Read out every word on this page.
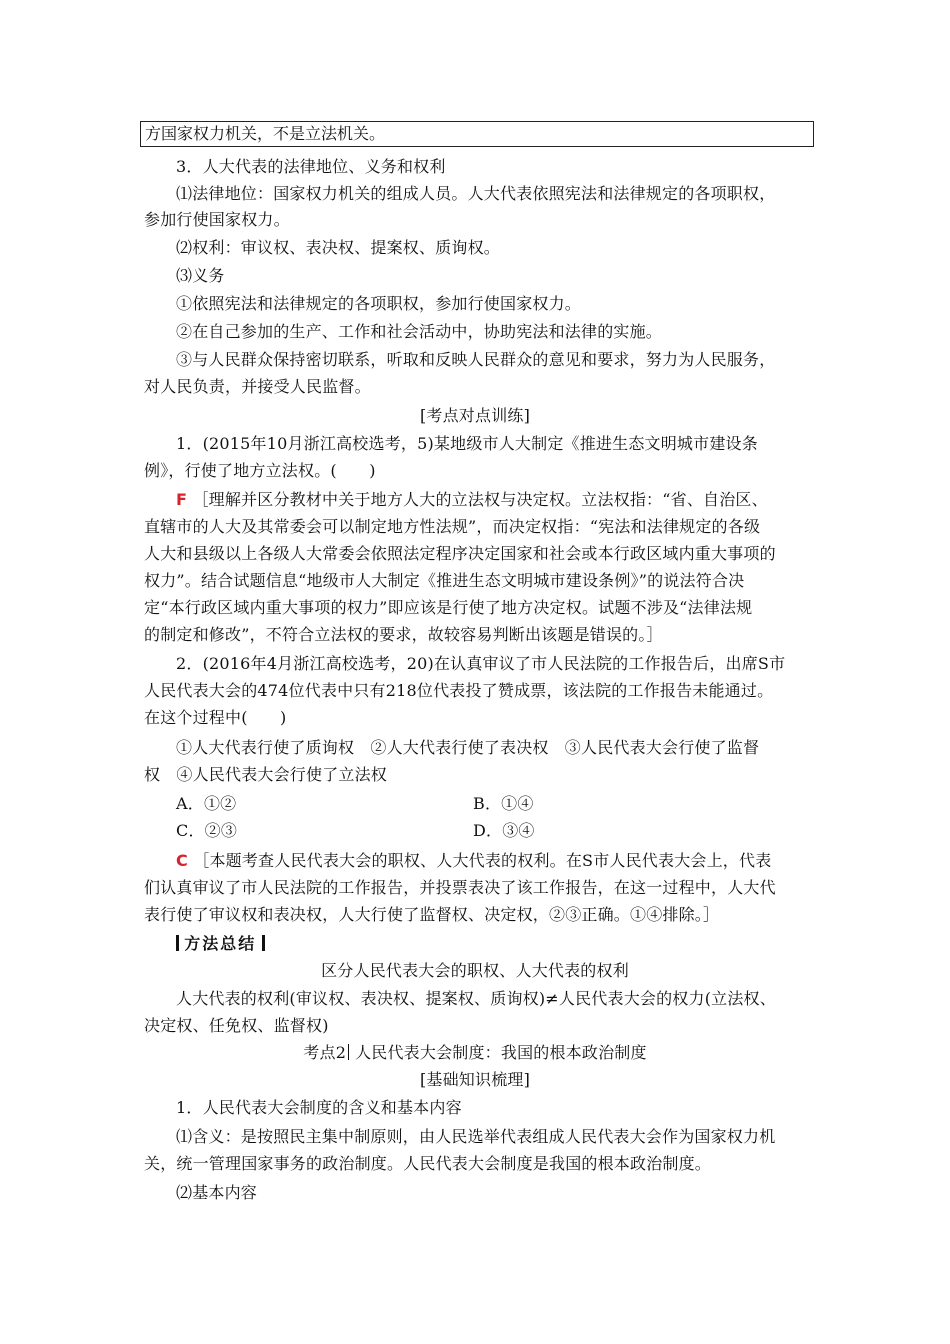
方国家权力机关，不是立法机关。
3．人大代表的法律地位、义务和权利
⑴法律地位：国家权力机关的组成人员。人大代表依照宪法和法律规定的各项职权，
参加行使国家权力。
⑵权利：审议权、表决权、提案权、质询权。
⑶义务
①依照宪法和法律规定的各项职权，参加行使国家权力。
②在自己参加的生产、工作和社会活动中，协助宪法和法律的实施。
③与人民群众保持密切联系，听取和反映人民群众的意见和要求，努力为人民服务，
对人民负责，并接受人民监督。
[考点对点训练]
1．(2015年10月浙江高校选考，5)某地级市人大制定《推进生态文明城市建设条
例》，行使了地方立法权。(　　)
F ［理解并区分教材中关于地方人大的立法权与决定权。立法权指：“省、自治区、
直辖市的人大及其常委会可以制定地方性法规”，而决定权指：“宪法和法律规定的各级
人大和县级以上各级人大常委会依照法定程序决定国家和社会或本行政区域内重大事项的
权力”。结合试题信息“地级市人大制定《推进生态文明城市建设条例》”的说法符合决
定“本行政区域内重大事项的权力”即应该是行使了地方决定权。试题不涉及“法律法规
的制定和修改”，不符合立法权的要求，故较容易判断出该题是错误的。］
2．(2016年4月浙江高校选考，20)在认真审议了市人民法院的工作报告后，出席S市
人民代表大会的474位代表中只有218位代表投了赞成票，该法院的工作报告未能通过。
在这个过程中(　　)
①人大代表行使了质询权　②人大代表行使了表决权　③人民代表大会行使了监督
权　④人民代表大会行使了立法权
A．①②	B．①④
C．②③	D．③④
C ［本题考查人民代表大会的职权、人大代表的权利。在S市人民代表大会上，代表
们认真审议了市人民法院的工作报告，并投票表决了该工作报告，在这一过程中，人大代
表行使了审议权和表决权，人大行使了监督权、决定权，②③正确。①④排除。］
方法总结
区分人民代表大会的职权、人大代表的权利
人大代表的权利(审议权、表决权、提案权、质询权)≠人民代表大会的权力(立法权、
决定权、任免权、监督权)
考点2 人民代表大会制度：我国的根本政治制度
[基础知识梳理]
1．人民代表大会制度的含义和基本内容
⑴含义：是按照民主集中制原则，由人民选举代表组成人民代表大会作为国家权力机
关，统一管理国家事务的政治制度。人民代表大会制度是我国的根本政治制度。
⑵基本内容
